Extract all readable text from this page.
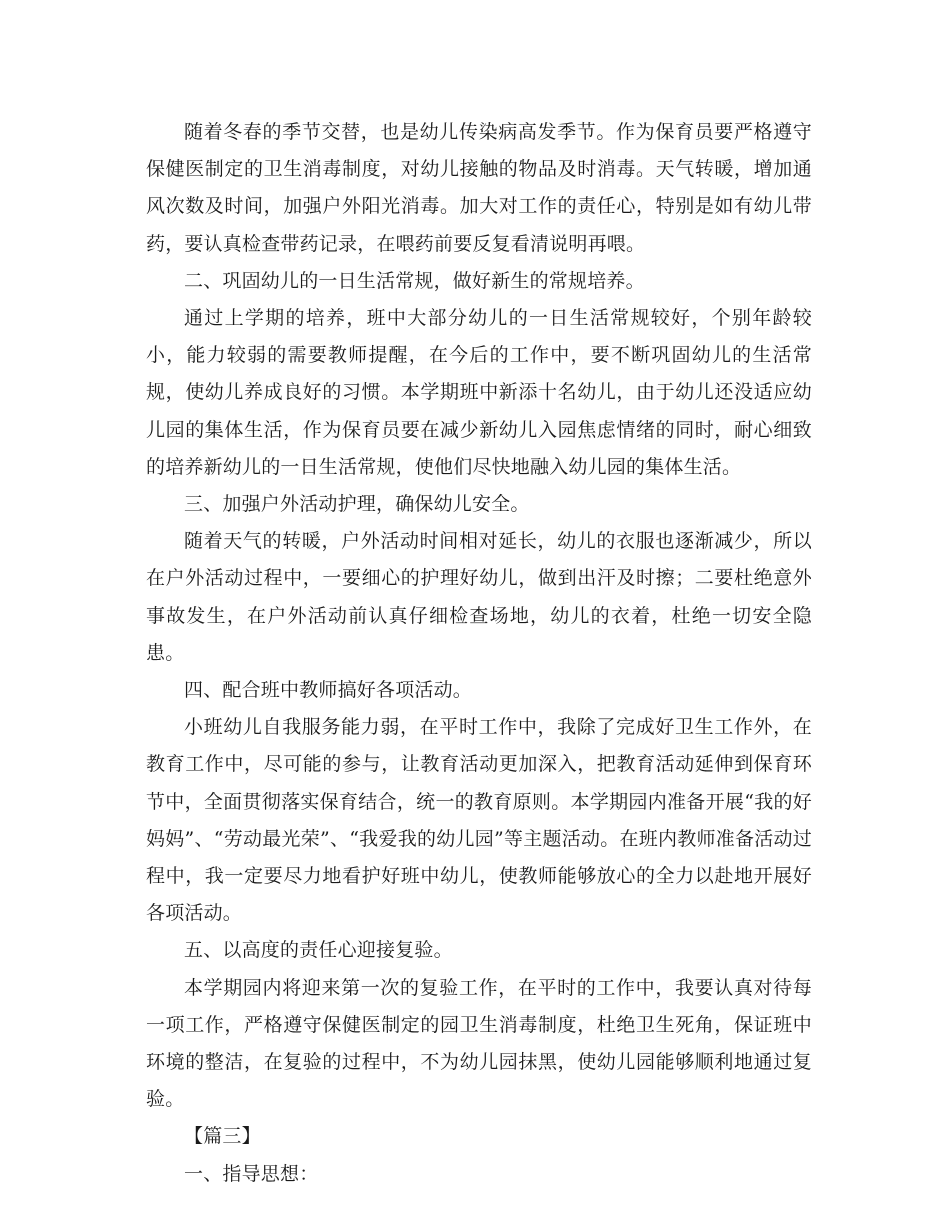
随着冬春的季节交替，也是幼儿传染病高发季节。作为保育员要严格遵守保健医制定的卫生消毒制度，对幼儿接触的物品及时消毒。天气转暖，增加通风次数及时间，加强户外阳光消毒。加大对工作的责任心，特别是如有幼儿带药，要认真检查带药记录，在喂药前要反复看清说明再喂。

二、巩固幼儿的一日生活常规，做好新生的常规培养。

通过上学期的培养，班中大部分幼儿的一日生活常规较好，个别年龄较小，能力较弱的需要教师提醒，在今后的工作中，要不断巩固幼儿的生活常规，使幼儿养成良好的习惯。本学期班中新添十名幼儿，由于幼儿还没适应幼儿园的集体生活，作为保育员要在减少新幼儿入园焦虑情绪的同时，耐心细致的培养新幼儿的一日生活常规，使他们尽快地融入幼儿园的集体生活。

三、加强户外活动护理，确保幼儿安全。

随着天气的转暖，户外活动时间相对延长，幼儿的衣服也逐渐减少，所以在户外活动过程中，一要细心的护理好幼儿，做到出汗及时擦；二要杜绝意外事故发生，在户外活动前认真仔细检查场地，幼儿的衣着，杜绝一切安全隐患。

四、配合班中教师搞好各项活动。

小班幼儿自我服务能力弱，在平时工作中，我除了完成好卫生工作外，在教育工作中，尽可能的参与，让教育活动更加深入，把教育活动延伸到保育环节中，全面贯彻落实保育结合，统一的教育原则。本学期园内准备开展“我的好妈妈”、“劳动最光荣”、“我爱我的幼儿园”等主题活动。在班内教师准备活动过程中，我一定要尽力地看护好班中幼儿，使教师能够放心的全力以赴地开展好各项活动。

五、以高度的责任心迎接复验。

本学期园内将迎来第一次的复验工作，在平时的工作中，我要认真对待每一项工作，严格遵守保健医制定的园卫生消毒制度，杜绝卫生死角，保证班中环境的整洁，在复验的过程中，不为幼儿园抹黑，使幼儿园能够顺利地通过复验。

【篇三】

一、指导思想：
